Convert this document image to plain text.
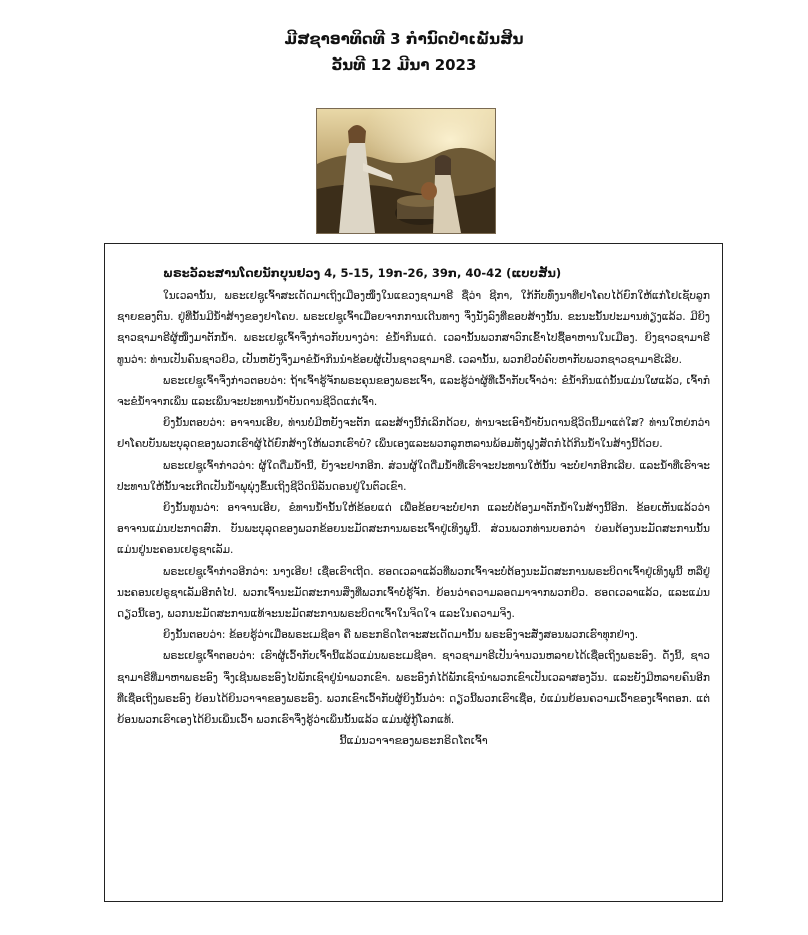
ມີສຊາອາທິດທີ 3 ກໍານົດປໍາເພັນສິນ
ວັນທີ 12 ມີນາ 2023
ພຣະວັລະສານໂດຍນັກບຸນຢວງ 4, 5-15, 19ກ-26, 39ກ, 40-42 (ແບບສັ້ນ)

ໃນເວລານັ້ນ, ພຣະເຢຊູເຈົ້າສະເດັດມາເຖິງເມືອງໜຶ່ງໃນແຂວງຊາມາຣີ ຊື່ວ່າ ຊີກາ, ໃກ້ກັບທົ່ງນາທີ່ຢາໂຄບໄດ້ຍົກໃຫ້ແກ່ໂຢເຊັບລູກຊາຍຂອງຕົນ. ຢູ່ທີ່ນັ້ນມີນໍ້າສ້າງຂອງຢາໂຄບ. ພຣະເຢຊູເຈົ້າເມື່ອຍຈາກການເດີນທາງ ຈຶ່ງນັ່ງລົງທີ່ຂອບສ້າງນັ້ນ. ຂະນະນັ້ນປະມານທ່ຽງແລ້ວ. ມີຍິງຊາວຊາມາຣີຜູ້ໜຶ່ງມາຕັກນໍ້າ. ພຣະເຢຊູເຈົ້າຈຶ່ງກ່າວກັບນາງວ່າ: ຂໍນໍ້າກິນແດ່. ເວລານັ້ນພວກສາວົກເຂົ້າໄປຊື້ອາຫານໃນເມືອງ. ຍິງຊາວຊາມາຣີທູນວ່າ: ທ່ານເປັນຄົນຊາວຢິວ, ເປັນຫຍັງຈຶ່ງມາຂໍນໍ້າກິນນໍາຂ້ອຍຜູ້ເປັນຊາວຊາມາຣີ. ເວລານັ້ນ, ພວກຢິວບໍ່ຄົບຫາກັບພວກຊາວຊາມາຣີເລີຍ.

ພຣະເຢຊູເຈົ້າຈຶ່ງກ່າວຕອບວ່າ: ຖ້າເຈົ້າຮູ້ຈັກພຣະຄຸນຂອງພຣະເຈົ້າ, ແລະຮູ້ວ່າຜູ້ທີ່ເວົ້າກັບເຈົ້າວ່າ: ຂໍນໍ້າກິນແດ່ນັ້ນແມ່ນໃຜແລ້ວ, ເຈົ້າກໍຈະຂໍນໍ້າຈາກເພິ່ນ ແລະເພິ່ນຈະປະທານນໍ້າບັນດານຊີວິດແກ່ເຈົ້າ.

ຍິງນັ້ນຕອບວ່າ: ອາຈານເອີຍ, ທ່ານບໍ່ມີຫຍັງຈະຕັກ ແລະສ້າງນີ້ກໍເລິກດ້ວຍ, ທ່ານຈະເອົານໍ້າບັນດານຊີວິດນີ້ມາແຕ່ໃສ? ທ່ານໃຫຍ່ກວ່າຢາໂຄບບັນພະບຸລຸດຂອງພວກເຮົາຜູ້ໄດ້ຍົກສ້າງໃຫ້ພວກເຮົາບໍ? ເພິ່ນເອງແລະພວກລູກຫລານພ້ອມທັງຝູງສັດກໍໄດ້ກິນນໍ້າໃນສ້າງນີ້ດ້ວຍ.

ພຣະເຢຊູເຈົ້າກ່າວວ່າ: ຜູ້ໃດດື່ມນໍ້ານີ້, ຍັງຈະຢາກອີກ. ສ່ວນຜູ້ໃດດື່ມນໍ້າທີ່ເຮົາຈະປະທານໃຫ້ນັ້ນ ຈະບໍ່ຢາກອີກເລີຍ. ແລະນໍ້າທີ່ເຮົາຈະປະທານໃຫ້ນັ້ນຈະເກີດເປັນນໍ້າພຸພຸ່ງຂຶ້ນເຖິງຊີວິດນິລັນດອນຢູ່ໃນຕົວເຂົາ.

ຍິງນັ້ນທູນວ່າ: ອາຈານເອີຍ, ຂໍທານນໍ້ານັ້ນໃຫ້ຂ້ອຍແດ່ ເພື່ອຂ້ອຍຈະບໍ່ຢາກ ແລະບໍ່ຕ້ອງມາຕັກນໍ້າໃນສ້າງນີ້ອີກ. ຂ້ອຍເຫັນແລ້ວວ່າອາຈານແມ່ນປະກາດສົກ. ບັນພະບຸລຸດຂອງພວກຂ້ອຍນະມັດສະການພຣະເຈົ້າຢູ່ເທິງພູນີ້. ສ່ວນພວກທ່ານບອກວ່າ ບ່ອນຕ້ອງນະມັດສະການນັ້ນແມ່ນຢູ່ນະຄອນເຢຣູຊາເລັມ.

ພຣະເຢຊູເຈົ້າກ່າວອີກວ່າ: ນາງເອີຍ! ເຊື່ອເຮົາເຖີດ. ຮອດເວລາແລ້ວທີ່ພວກເຈົ້າຈະບໍ່ຕ້ອງນະມັດສະການພຣະບິດາເຈົ້າຢູ່ເທິງພູນີ້ ຫລືຢູ່ນະຄອນເຢຣູຊາເລັມອີກຕໍ່ໄປ. ພວກເຈົ້ານະມັດສະການສິ່ງທີ່ພວກເຈົ້າບໍ່ຮູ້ຈັກ. ຍ້ອນວ່າຄວາມລອດມາຈາກພວກຢິວ. ຮອດເວລາແລ້ວ, ແລະແມ່ນດຽວນີ້ເອງ, ພວກນະມັດສະການແທ້ຈະນະມັດສະການພຣະບິດາເຈົ້າໃນຈິດໃຈ ແລະໃນຄວາມຈິງ.

ຍິງນັ້ນຕອບວ່າ: ຂ້ອຍຮູ້ວ່າເມື່ອພຣະເມຊີອາ ຄື ພຣະກຣິດໂຕຈະສະເດັດມານັ້ນ ພຣະອົງຈະສັ່ງສອນພວກເຮົາທຸກຢ່າງ.

ພຣະເຢຊູເຈົ້າຕອບວ່າ: ເຮົາຜູ້ເວົ້າກັບເຈົ້ານີ້ແລ້ວແມ່ນພຣະເມຊີອາ. ຊາວຊາມາຣີເປັນຈໍານວນຫລາຍໄດ້ເຊື່ອເຖິງພຣະອົງ. ດັ່ງນີ້, ຊາວຊາມາຣີທີ່ມາຫາພຣະອົງ ຈຶ່ງເຊີນພຣະອົງໄປພັກເຊົາຢູ່ນໍາພວກເຂົາ. ພຣະອົງກໍໄດ້ພັກເຊົານໍາພວກເຂົາເປັນເວລາສອງວັນ. ແລະຍັງມີຫລາຍຄົນອີກທີ່ເຊື່ອເຖິງພຣະອົງ ຍ້ອນໄດ້ຍິນວາຈາຂອງພຣະອົງ. ພວກເຂົາເວົ້າກັບຜູ້ຍິງນັ້ນວ່າ: ດຽວນີ້ພວກເຮົາເຊື່ອ, ບໍ່ແມ່ນຍ້ອນຄວາມເວົ້າຂອງເຈົ້າຕອກ. ແຕ່ຍ້ອນພວກເຮົາເອງໄດ້ຍິນເພິ່ນເວົ້າ ພວກເຮົາຈຶ່ງຮູ້ວ່າເພິ່ນນັ້ນແລ້ວ ແມ່ນຜູ້ກູ້ໂລກແທ້.

ນີ້ແມ່ນວາຈາຂອງພຣະກຣິດໂຕເຈົ້າ
